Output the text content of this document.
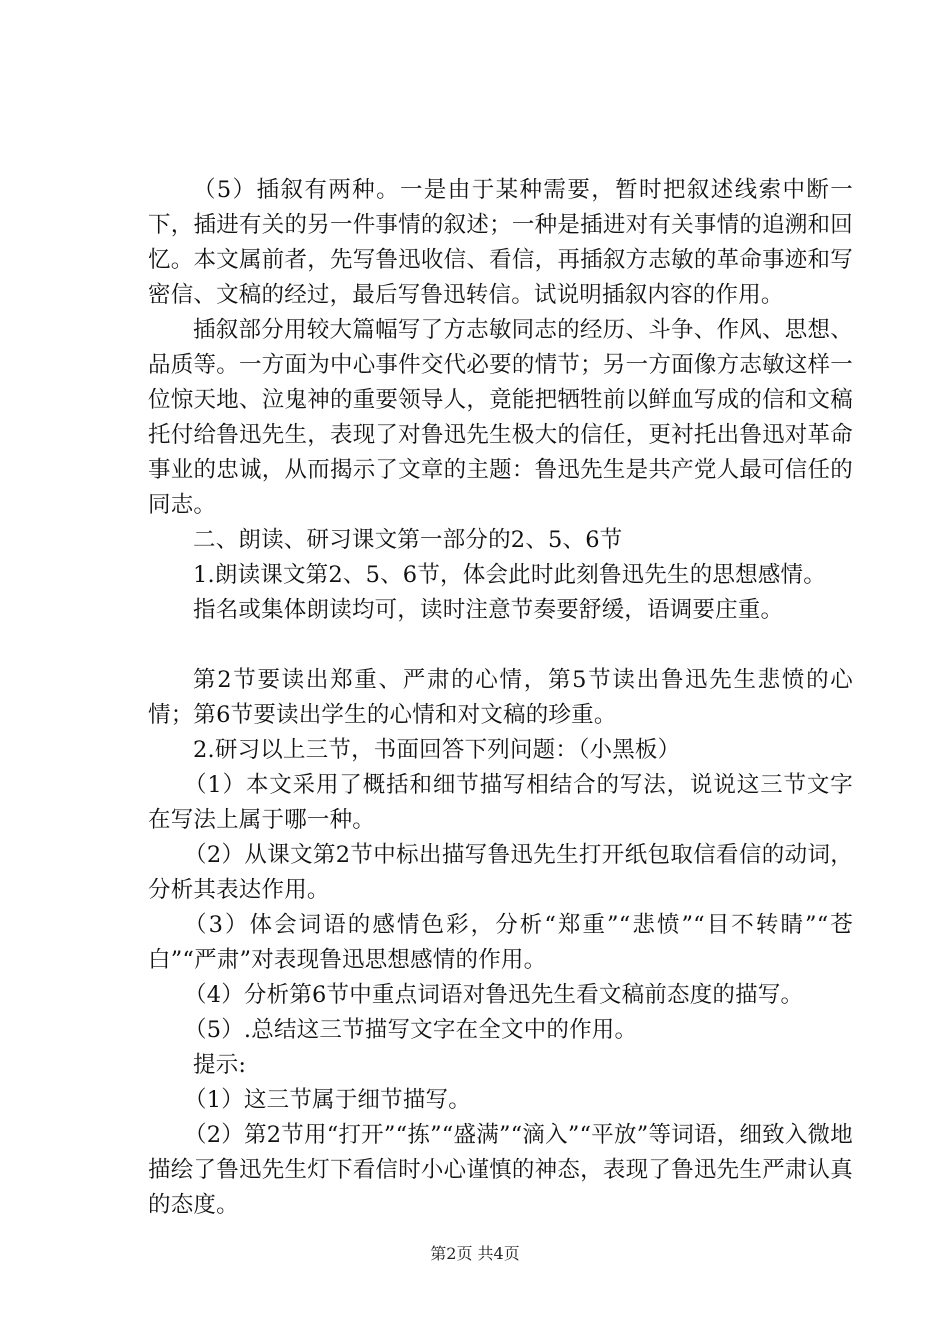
（5）插叙有两种。一是由于某种需要，暂时把叙述线索中断一下，插进有关的另一件事情的叙述；一种是插进对有关事情的追溯和回忆。本文属前者，先写鲁迅收信、看信，再插叙方志敏的革命事迹和写密信、文稿的经过，最后写鲁迅转信。试说明插叙内容的作用。

插叙部分用较大篇幅写了方志敏同志的经历、斗争、作风、思想、品质等。一方面为中心事件交代必要的情节；另一方面像方志敏这样一位惊天地、泣鬼神的重要领导人，竟能把牺牲前以鲜血写成的信和文稿托付给鲁迅先生，表现了对鲁迅先生极大的信任，更衬托出鲁迅对革命事业的忠诚，从而揭示了文章的主题：鲁迅先生是共产党人最可信任的同志。

二、朗读、研习课文第一部分的2、5、6节

1.朗读课文第2、5、6节，体会此时此刻鲁迅先生的思想感情。

指名或集体朗读均可，读时注意节奏要舒缓，语调要庄重。

第2节要读出郑重、严肃的心情，第5节读出鲁迅先生悲愤的心情；第6节要读出学生的心情和对文稿的珍重。

2.研习以上三节，书面回答下列问题：（小黑板）

（1）本文采用了概括和细节描写相结合的写法，说说这三节文字在写法上属于哪一种。

（2）从课文第2节中标出描写鲁迅先生打开纸包取信看信的动词，分析其表达作用。

（3）体会词语的感情色彩，分析“郑重”“悲愤”“目不转睛”“苍白”“严肃”对表现鲁迅思想感情的作用。

（4）分析第6节中重点词语对鲁迅先生看文稿前态度的描写。

（5）.总结这三节描写文字在全文中的作用。

提示:

（1）这三节属于细节描写。

（2）第2节用“打开”“拣”“盛满”“滴入”“平放”等词语，细致入微地描绘了鲁迅先生灯下看信时小心谨慎的神态，表现了鲁迅先生严肃认真的态度。

第2页 共4页
